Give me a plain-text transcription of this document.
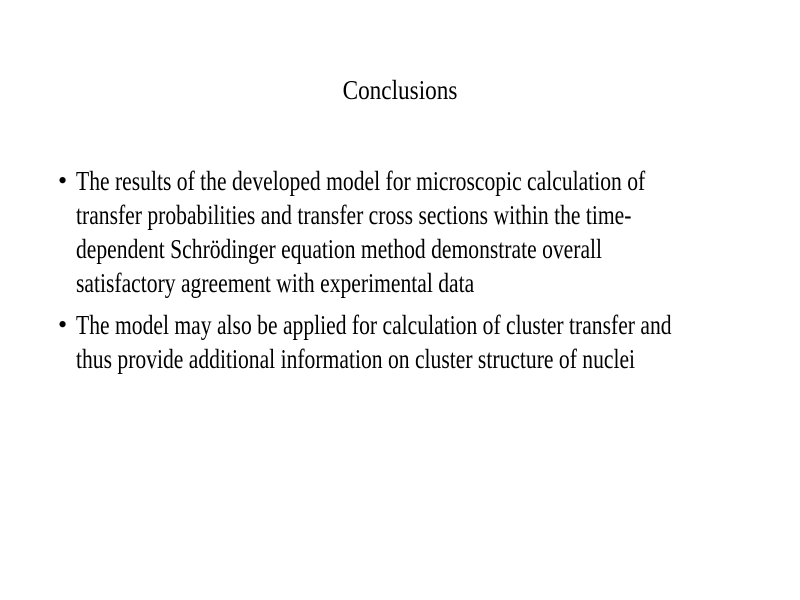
Conclusions
• The results of the developed model for microscopic calculation of
transfer probabilities and transfer cross sections within the time-
dependent Schrödinger equation method demonstrate overall
satisfactory agreement with experimental data
• The model may also be applied for calculation of cluster transfer and
thus provide additional information on cluster structure of nuclei
